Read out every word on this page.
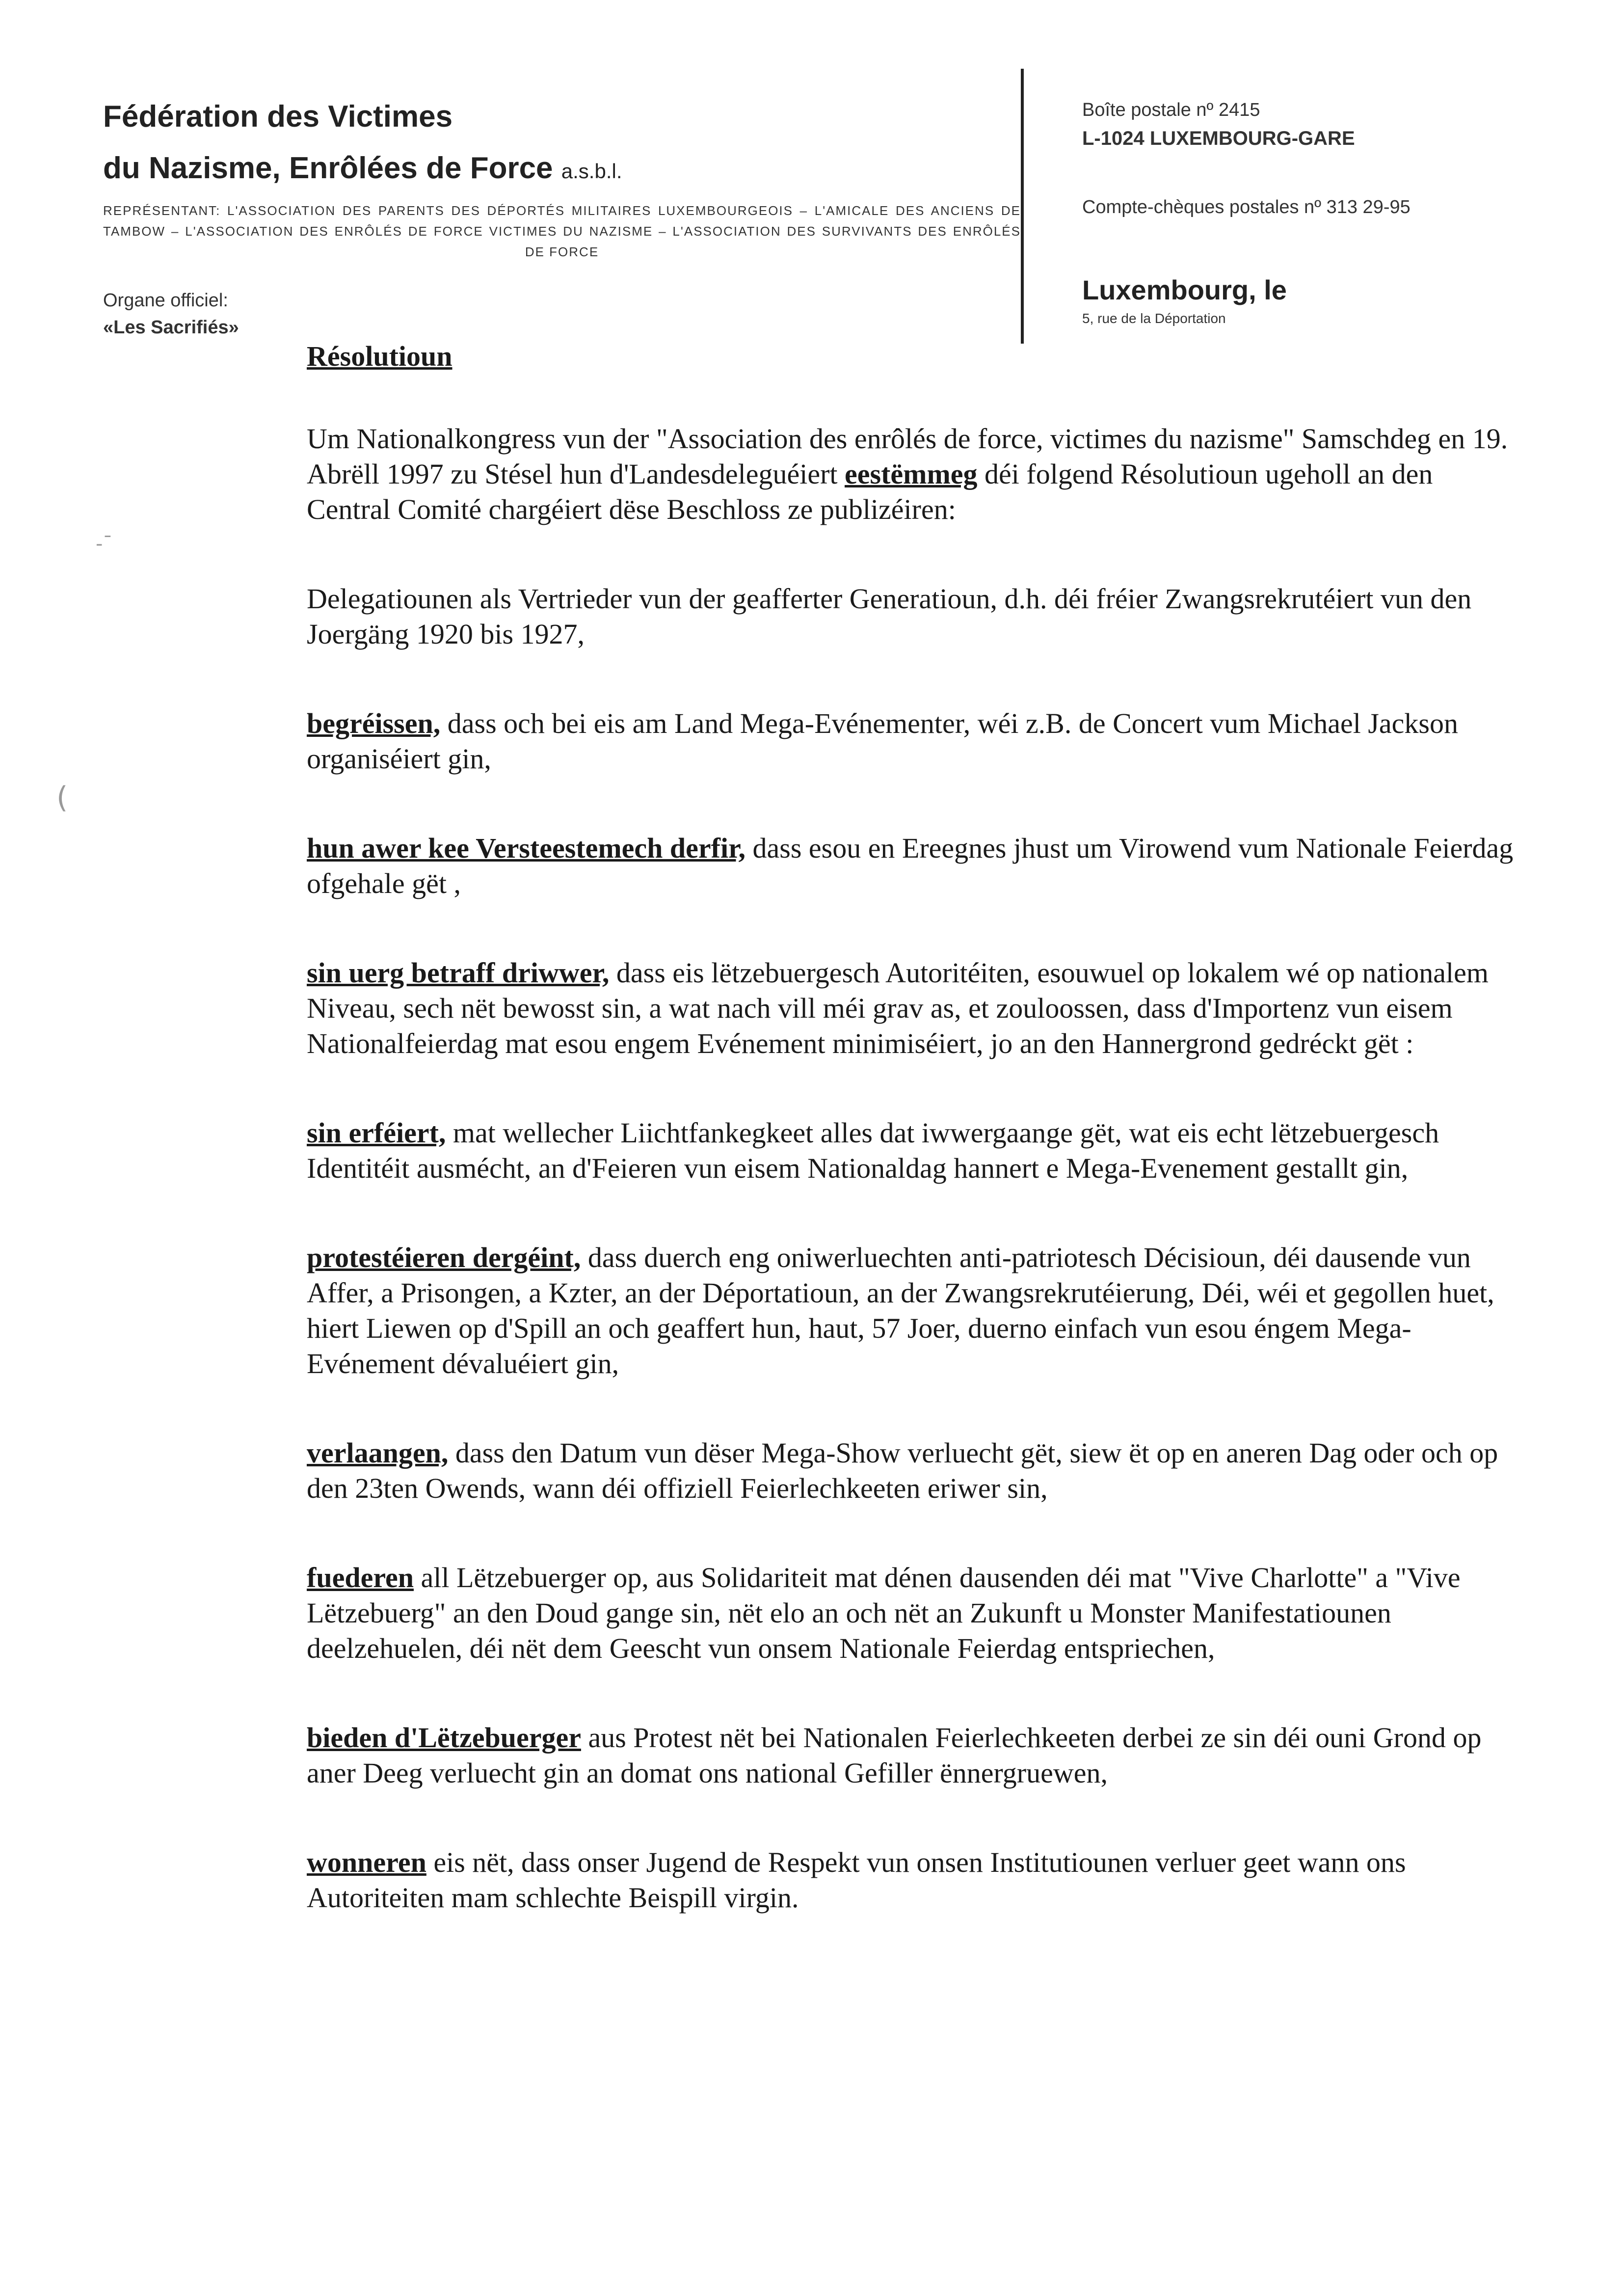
Fédération des Victimes
du Nazisme, Enrôlées de Force a.s.b.l.
REPRÉSENTANT: L'ASSOCIATION DES PARENTS DES DÉPORTÉS MILITAIRES LUXEMBOURGEOIS – L'AMICALE DES ANCIENS DE TAMBOW – L'ASSOCIATION DES ENRÔLÉS DE FORCE VICTIMES DU NAZISME – L'ASSOCIATION DES SURVIVANTS DES ENRÔLÉS DE FORCE
Organe officiel:
«Les Sacrifiés»
Boîte postale nº 2415
L-1024 LUXEMBOURG-GARE
Compte-chèques postales nº 313 29-95
Luxembourg, le
5, rue de la Déportation
-ˉ
(

Résolutioun

Um Nationalkongress vun der "Association des enrôlés de force, victimes du nazisme" Samschdeg en 19. Abrëll 1997 zu Stésel hun d'Landesdeleguéiert eestëmmeg déi folgend Résolutioun ugeholl an den Central Comité chargéiert dëse Beschloss ze publizéiren:

Delegatiounen als Vertrieder vun der geafferter Generatioun, d.h. déi fréier Zwangsrekrutéiert vun den Joergäng 1920 bis 1927,

begréissen, dass och bei eis am Land Mega-Evénementer, wéi z.B. de Concert vum Michael Jackson organiséiert gin,

hun awer kee Versteestemech derfir, dass esou en Ereegnes jhust um Virowend vum Nationale Feierdag ofgehale gët ,

sin uerg betraff driwwer, dass eis lëtzebuergesch Autoritéiten, esouwuel op lokalem wé op nationalem Niveau, sech nët bewosst sin, a wat nach vill méi grav as, et zouloossen, dass d'Importenz vun eisem Nationalfeierdag mat esou engem Evénement minimiséiert, jo an den Hannergrond gedréckt gët :

sin erféiert, mat wellecher Liichtfankegkeet alles dat iwwergaange gët, wat eis echt lëtzebuergesch Identitéit ausmécht, an d'Feieren vun eisem Nationaldag hannert e Mega-Evenement gestallt gin,

protestéieren dergéint, dass duerch eng oniwerluechten anti-patriotesch Décisioun, déi dausende vun Affer, a Prisongen, a Kzter, an der Déportatioun, an der Zwangsrekrutéierung, Déi, wéi et gegollen huet, hiert Liewen op d'Spill an och geaffert hun, haut, 57 Joer, duerno einfach vun esou éngem Mega-Evénement dévaluéiert gin,

verlaangen, dass den Datum vun dëser Mega-Show verluecht gët, siew ët op en aneren Dag oder och op den 23ten Owends, wann déi offiziell Feierlechkeeten eriwer sin,

fuederen all Lëtzebuerger op, aus Solidariteit mat dénen dausenden déi mat "Vive Charlotte" a "Vive Lëtzebuerg" an den Doud gange sin, nët elo an och nët an Zukunft u Monster Manifestatiounen deelzehuelen, déi nët dem Geescht vun onsem Nationale Feierdag entspriechen,

bieden d'Lëtzebuerger aus Protest nët bei Nationalen Feierlechkeeten derbei ze sin déi ouni Grond op aner Deeg verluecht gin an domat ons national Gefiller ënnergruewen,

wonneren eis nët, dass onser Jugend de Respekt vun onsen Institutiounen verluer geet wann ons Autoriteiten mam schlechte Beispill virgin.
